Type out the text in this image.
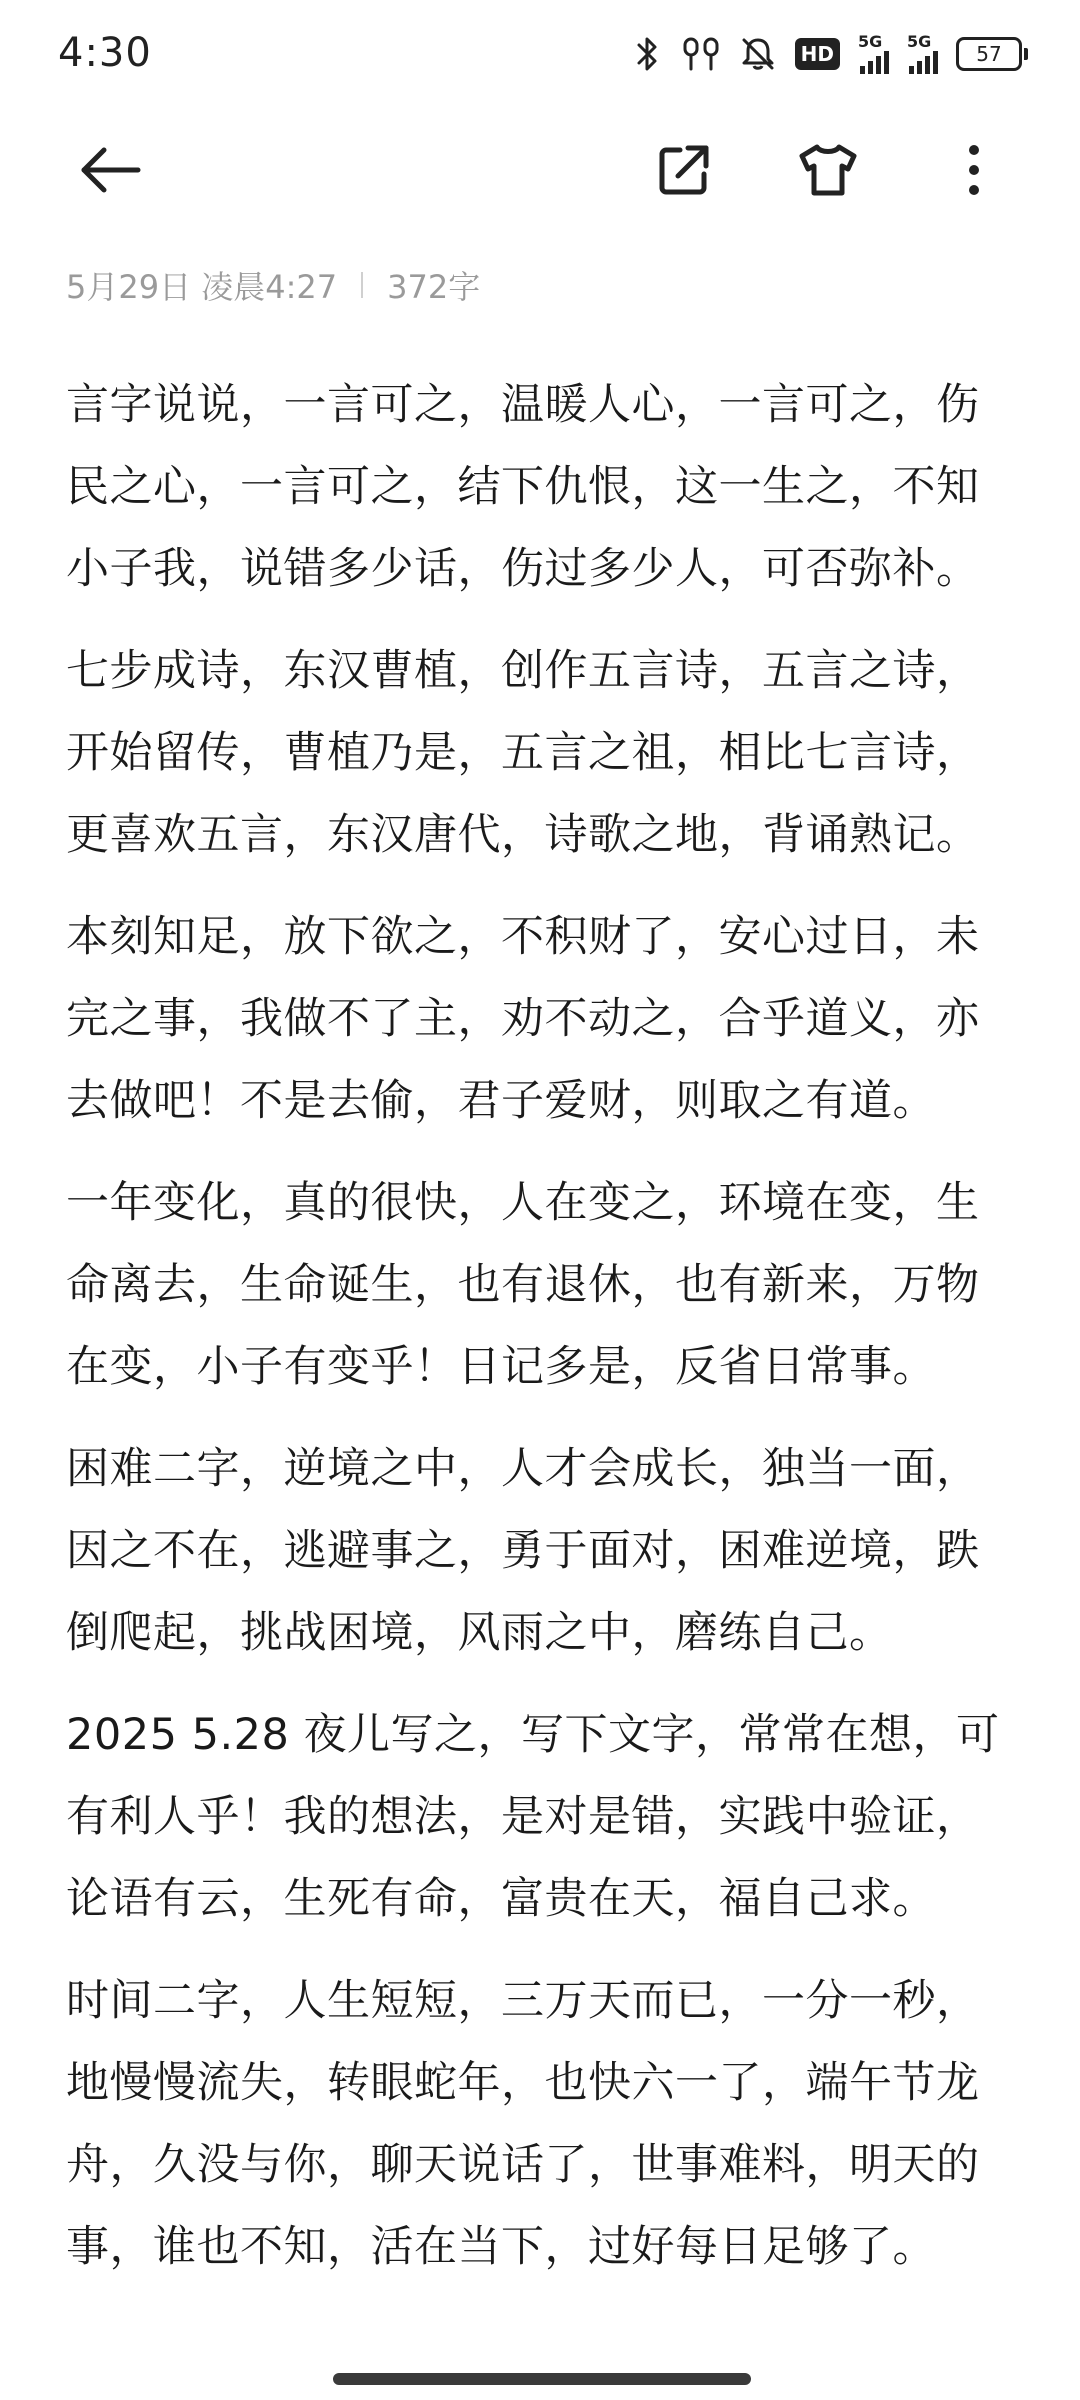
4:30	HD
5G 5G
57
5月29日 凌晨4:27 372字

言字说说，一言可之，温暖人心，一言可之，伤民之心，一言可之，结下仇恨，这一生之，不知小子我，说错多少话，伤过多少人，可否弥补。

七步成诗，东汉曹植，创作五言诗，五言之诗，开始留传，曹植乃是，五言之祖，相比七言诗，更喜欢五言，东汉唐代，诗歌之地，背诵熟记。

本刻知足，放下欲之，不积财了，安心过日，未完之事，我做不了主，劝不动之，合乎道义，亦去做吧！不是去偷，君子爱财，则取之有道。

一年变化，真的很快，人在变之，环境在变，生命离去，生命诞生，也有退休，也有新来，万物在变，小子有变乎！日记多是，反省日常事。

困难二字，逆境之中，人才会成长，独当一面，因之不在，逃避事之，勇于面对，困难逆境，跌倒爬起，挑战困境，风雨之中，磨练自己。

2025 5.28 夜儿写之，写下文字，常常在想，可有利人乎！我的想法，是对是错，实践中验证，论语有云，生死有命，富贵在天，福自己求。

时间二字，人生短短，三万天而已，一分一秒，地慢慢流失，转眼蛇年，也快六一了，端午节龙舟，久没与你，聊天说话了，世事难料，明天的事，谁也不知，活在当下，过好每日足够了。
